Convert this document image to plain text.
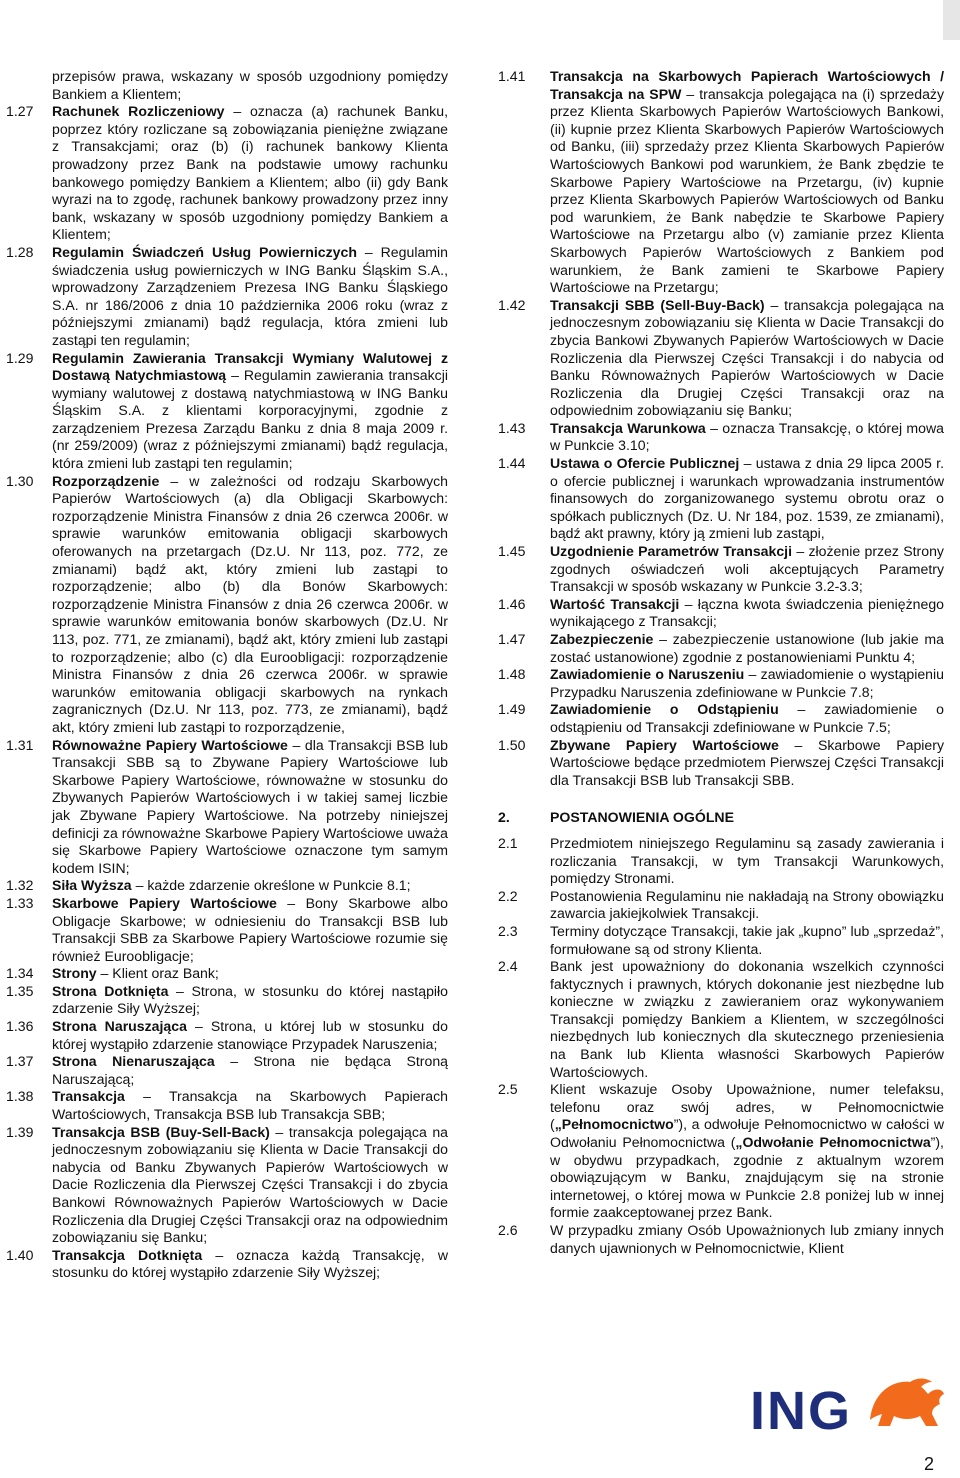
przepisów prawa, wskazany w sposób uzgodniony pomiędzy Bankiem a Klientem;
1.27	Rachunek Rozliczeniowy – oznacza (a) rachunek Banku, poprzez który rozliczane są zobowiązania pieniężne związane z Transakcjami; oraz (b) (i) rachunek bankowy Klienta prowadzony przez Bank na podstawie umowy rachunku bankowego pomiędzy Bankiem a Klientem; albo (ii) gdy Bank wyrazi na to zgodę, rachunek bankowy prowadzony przez inny bank, wskazany w sposób uzgodniony pomiędzy Bankiem a Klientem;
1.28	Regulamin Świadczeń Usług Powierniczych – Regulamin świadczenia usług powierniczych w ING Banku Śląskim S.A., wprowadzony Zarządzeniem Prezesa ING Banku Śląskiego S.A. nr 186/2006 z dnia 10 października 2006 roku (wraz z późniejszymi zmianami) bądź regulacja, która zmieni lub zastąpi ten regulamin;
1.29	Regulamin Zawierania Transakcji Wymiany Walutowej z Dostawą Natychmiastową – Regulamin zawierania transakcji wymiany walutowej z dostawą natychmiastową w ING Banku Śląskim S.A. z klientami korporacyjnymi, zgodnie z zarządzeniem Prezesa Zarządu Banku z dnia 8 maja 2009 r. (nr 259/2009) (wraz z późniejszymi zmianami) bądź regulacja, która zmieni lub zastąpi ten regulamin;
1.30	Rozporządzenie – w zależności od rodzaju Skarbowych Papierów Wartościowych (a) dla Obligacji Skarbowych: rozporządzenie Ministra Finansów z dnia 26 czerwca 2006r. w sprawie warunków emitowania obligacji skarbowych oferowanych na przetargach (Dz.U. Nr 113, poz. 772, ze zmianami) bądź akt, który zmieni lub zastąpi to rozporządzenie; albo (b) dla Bonów Skarbowych: rozporządzenie Ministra Finansów z dnia 26 czerwca 2006r. w sprawie warunków emitowania bonów skarbowych (Dz.U. Nr 113, poz. 771, ze zmianami), bądź akt, który zmieni lub zastąpi to rozporządzenie; albo (c) dla Euroobligacji: rozporządzenie Ministra Finansów z dnia 26 czerwca 2006r. w sprawie warunków emitowania obligacji skarbowych na rynkach zagranicznych (Dz.U. Nr 113, poz. 773, ze zmianami), bądź akt, który zmieni lub zastąpi to rozporządzenie,
1.31	Równoważne Papiery Wartościowe – dla Transakcji BSB lub Transakcji SBB są to Zbywane Papiery Wartościowe lub Skarbowe Papiery Wartościowe, równoważne w stosunku do Zbywanych Papierów Wartościowych i w takiej samej liczbie jak Zbywane Papiery Wartościowe. Na potrzeby niniejszej definicji za równoważne Skarbowe Papiery Wartościowe uważa się Skarbowe Papiery Wartościowe oznaczone tym samym kodem ISIN;
1.32	Siła Wyższa – każde zdarzenie określone w Punkcie 8.1;
1.33	Skarbowe Papiery Wartościowe – Bony Skarbowe albo Obligacje Skarbowe; w odniesieniu do Transakcji BSB lub Transakcji SBB za Skarbowe Papiery Wartościowe rozumie się również Euroobligacje;
1.34	Strony – Klient oraz Bank;
1.35	Strona Dotknięta – Strona, w stosunku do której nastąpiło zdarzenie Siły Wyższej;
1.36	Strona Naruszająca – Strona, u której lub w stosunku do której wystąpiło zdarzenie stanowiące Przypadek Naruszenia;
1.37	Strona Nienaruszająca – Strona nie będąca Stroną Naruszającą;
1.38	Transakcja – Transakcja na Skarbowych Papierach Wartościowych, Transakcja BSB lub Transakcja SBB;
1.39	Transakcja BSB (Buy-Sell-Back) – transakcja polegająca na jednoczesnym zobowiązaniu się Klienta w Dacie Transakcji do nabycia od Banku Zbywanych Papierów Wartościowych w Dacie Rozliczenia dla Pierwszej Części Transakcji i do zbycia Bankowi Równoważnych Papierów Wartościowych w Dacie Rozliczenia dla Drugiej Części Transakcji oraz na odpowiednim zobowiązaniu się Banku;
1.40	Transakcja Dotknięta – oznacza każdą Transakcję, w stosunku do której wystąpiło zdarzenie Siły Wyższej;
1.41	Transakcja na Skarbowych Papierach Wartościowych / Transakcja na SPW – transakcja polegająca na (i) sprzedaży przez Klienta Skarbowych Papierów Wartościowych Bankowi, (ii) kupnie przez Klienta Skarbowych Papierów Wartościowych od Banku, (iii) sprzedaży przez Klienta Skarbowych Papierów Wartościowych Bankowi pod warunkiem, że Bank zbędzie te Skarbowe Papiery Wartościowe na Przetargu, (iv) kupnie przez Klienta Skarbowych Papierów Wartościowych od Banku pod warunkiem, że Bank nabędzie te Skarbowe Papiery Wartościowe na Przetargu albo (v) zamianie przez Klienta Skarbowych Papierów Wartościowych z Bankiem pod warunkiem, że Bank zamieni te Skarbowe Papiery Wartościowe na Przetargu;
1.42	Transakcji SBB (Sell-Buy-Back) – transakcja polegająca na jednoczesnym zobowiązaniu się Klienta w Dacie Transakcji do zbycia Bankowi Zbywanych Papierów Wartościowych w Dacie Rozliczenia dla Pierwszej Części Transakcji i do nabycia od Banku Równoważnych Papierów Wartościowych w Dacie Rozliczenia dla Drugiej Części Transakcji oraz na odpowiednim zobowiązaniu się Banku;
1.43	Transakcja Warunkowa – oznacza Transakcję, o której mowa w Punkcie 3.10;
1.44	Ustawa o Ofercie Publicznej – ustawa z dnia 29 lipca 2005 r. o ofercie publicznej i warunkach wprowadzania instrumentów finansowych do zorganizowanego systemu obrotu oraz o spółkach publicznych (Dz. U. Nr 184, poz. 1539, ze zmianami), bądź akt prawny, który ją zmieni lub zastąpi,
1.45	Uzgodnienie Parametrów Transakcji – złożenie przez Strony zgodnych oświadczeń woli akceptujących Parametry Transakcji w sposób wskazany w Punkcie 3.2-3.3;
1.46	Wartość Transakcji – łączna kwota świadczenia pieniężnego wynikającego z Transakcji;
1.47	Zabezpieczenie – zabezpieczenie ustanowione (lub jakie ma zostać ustanowione) zgodnie z postanowieniami Punktu 4;
1.48	Zawiadomienie o Naruszeniu – zawiadomienie o wystąpieniu Przypadku Naruszenia zdefiniowane w Punkcie 7.8;
1.49	Zawiadomienie o Odstąpieniu – zawiadomienie o odstąpieniu od Transakcji zdefiniowane w Punkcie 7.5;
1.50	Zbywane Papiery Wartościowe – Skarbowe Papiery Wartościowe będące przedmiotem Pierwszej Części Transakcji dla Transakcji BSB lub Transakcji SBB.
2.	POSTANOWIENIA OGÓLNE
2.1	Przedmiotem niniejszego Regulaminu są zasady zawierania i rozliczania Transakcji, w tym Transakcji Warunkowych, pomiędzy Stronami.
2.2	Postanowienia Regulaminu nie nakładają na Strony obowiązku zawarcia jakiejkolwiek Transakcji.
2.3	Terminy dotyczące Transakcji, takie jak „kupno” lub „sprzedaż”, formułowane są od strony Klienta.
2.4	Bank jest upoważniony do dokonania wszelkich czynności faktycznych i prawnych, których dokonanie jest niezbędne lub konieczne w związku z zawieraniem oraz wykonywaniem Transakcji pomiędzy Bankiem a Klientem, w szczególności niezbędnych lub koniecznych dla skutecznego przeniesienia na Bank lub Klienta własności Skarbowych Papierów Wartościowych.
2.5	Klient wskazuje Osoby Upoważnione, numer telefaksu, telefonu oraz swój adres, w Pełnomocnictwie („Pełnomocnictwo”), a odwołuje Pełnomocnictwo w całości w Odwołaniu Pełnomocnictwa („Odwołanie Pełnomocnictwa”), w obydwu przypadkach, zgodnie z aktualnym wzorem obowiązującym w Banku, znajdującym się na stronie internetowej, o której mowa w Punkcie 2.8 poniżej lub w innej formie zaakceptowanej przez Bank.
2.6	W przypadku zmiany Osób Upoważnionych lub zmiany innych danych ujawnionych w Pełnomocnictwie, Klient
ING
2
